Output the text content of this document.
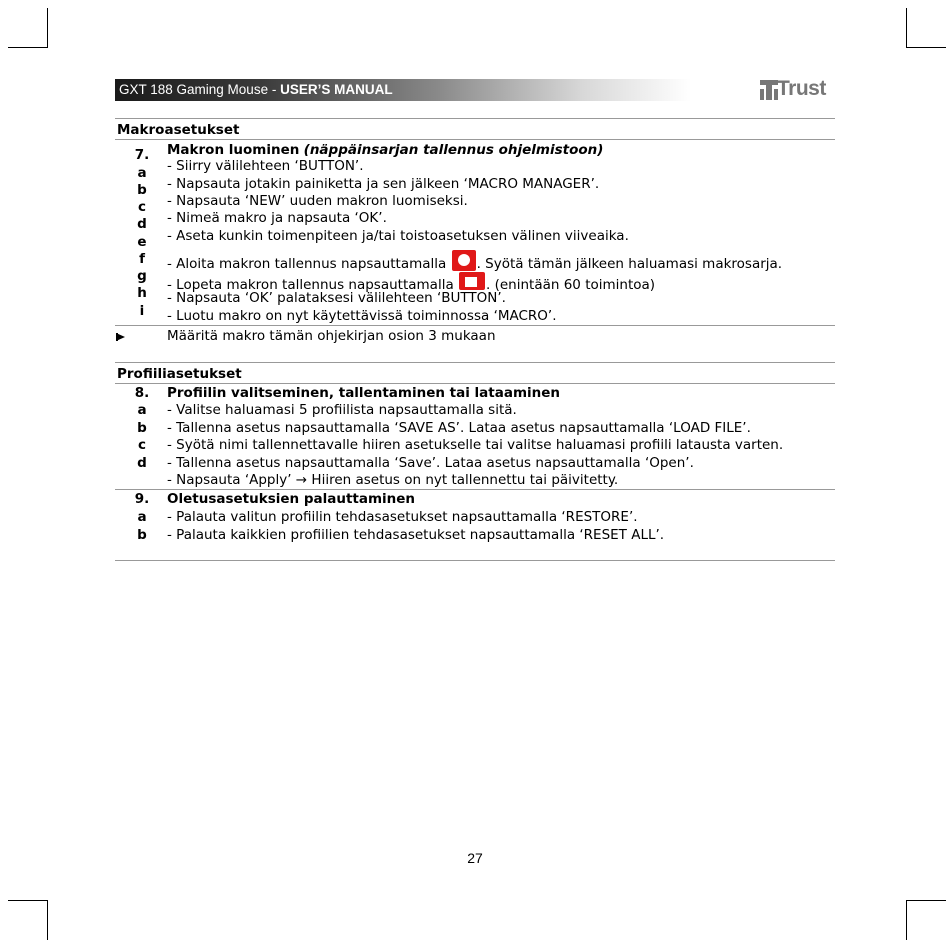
GXT 188 Gaming Mouse - USER’S MANUAL	Trust
Makroasetukset
7. Makron luominen (näppäinsarjan tallennus ohjelmistoon)
a
b
c
d
e
f
g
h
i
- Siirry välilehteen ‘BUTTON’.
- Napsauta jotakin painiketta ja sen jälkeen ‘MACRO MANAGER’.
- Napsauta ‘NEW’ uuden makron luomiseksi.
- Nimeä makro ja napsauta ‘OK’.
- Aseta kunkin toimenpiteen ja/tai toistoasetuksen välinen viiveaika.
- Aloita makron tallennus napsauttamalla
. Syötä tämän jälkeen haluamasi makrosarja.
- Lopeta makron tallennus napsauttamalla
. (enintään 60 toimintoa)
- Napsauta ‘OK’ palataksesi välilehteen ‘BUTTON’.
- Luotu makro on nyt käytettävissä toiminnossa ‘MACRO’.
Määritä makro tämän ohjekirjan osion 3 mukaan
Profiiliasetukset
8. Profiilin valitseminen, tallentaminen tai lataaminen
a
b
c
d
- Valitse haluamasi 5 profiilista napsauttamalla sitä.
- Tallenna asetus napsauttamalla ‘SAVE AS’. Lataa asetus napsauttamalla ‘LOAD FILE’.
- Syötä nimi tallennettavalle hiiren asetukselle tai valitse haluamasi profiili latausta varten.
- Tallenna asetus napsauttamalla ‘Save’. Lataa asetus napsauttamalla ‘Open’.
- Napsauta ‘Apply’ → Hiiren asetus on nyt tallennettu tai päivitetty.
9. Oletusasetuksien palauttaminen
a
b
- Palauta valitun profiilin tehdasasetukset napsauttamalla ‘RESTORE’.
- Palauta kaikkien profiilien tehdasasetukset napsauttamalla ‘RESET ALL’.
27
